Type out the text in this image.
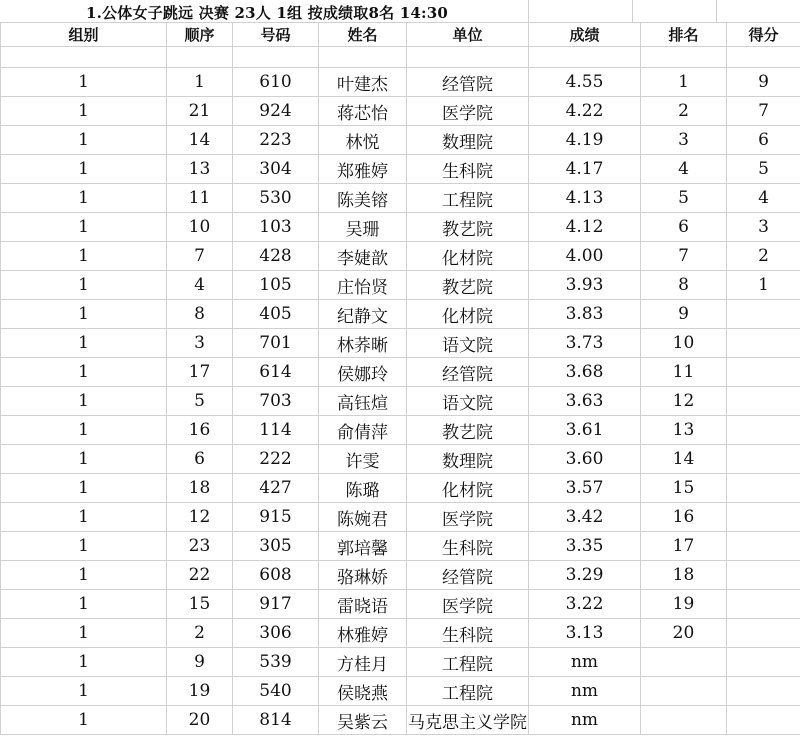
1.公体女子跳远 决赛 23人 1组 按成绩取8名 14:30
组别	顺序	号码	姓名	单位	成绩	排名	得分

1	1	610	叶建杰	经管院	4.55	1	9
1	21	924	蒋芯怡	医学院	4.22	2	7
1	14	223	林悦	数理院	4.19	3	6
1	13	304	郑雅婷	生科院	4.17	4	5
1	11	530	陈美镕	工程院	4.13	5	4
1	10	103	吴珊	教艺院	4.12	6	3
1	7	428	李婕歆	化材院	4.00	7	2
1	4	105	庄怡贤	教艺院	3.93	8	1
1	8	405	纪静文	化材院	3.83	9	
1	3	701	林荞晰	语文院	3.73	10	
1	17	614	侯娜玲	经管院	3.68	11	
1	5	703	高钰煊	语文院	3.63	12	
1	16	114	俞倩萍	教艺院	3.61	13	
1	6	222	许雯	数理院	3.60	14	
1	18	427	陈璐	化材院	3.57	15	
1	12	915	陈婉君	医学院	3.42	16	
1	23	305	郭培馨	生科院	3.35	17	
1	22	608	骆琳娇	经管院	3.29	18	
1	15	917	雷晓语	医学院	3.22	19	
1	2	306	林雅婷	生科院	3.13	20	
1	9	539	方桂月	工程院	nm		
1	19	540	侯晓燕	工程院	nm		
1	20	814	吴紫云	马克思主义学院	nm		
